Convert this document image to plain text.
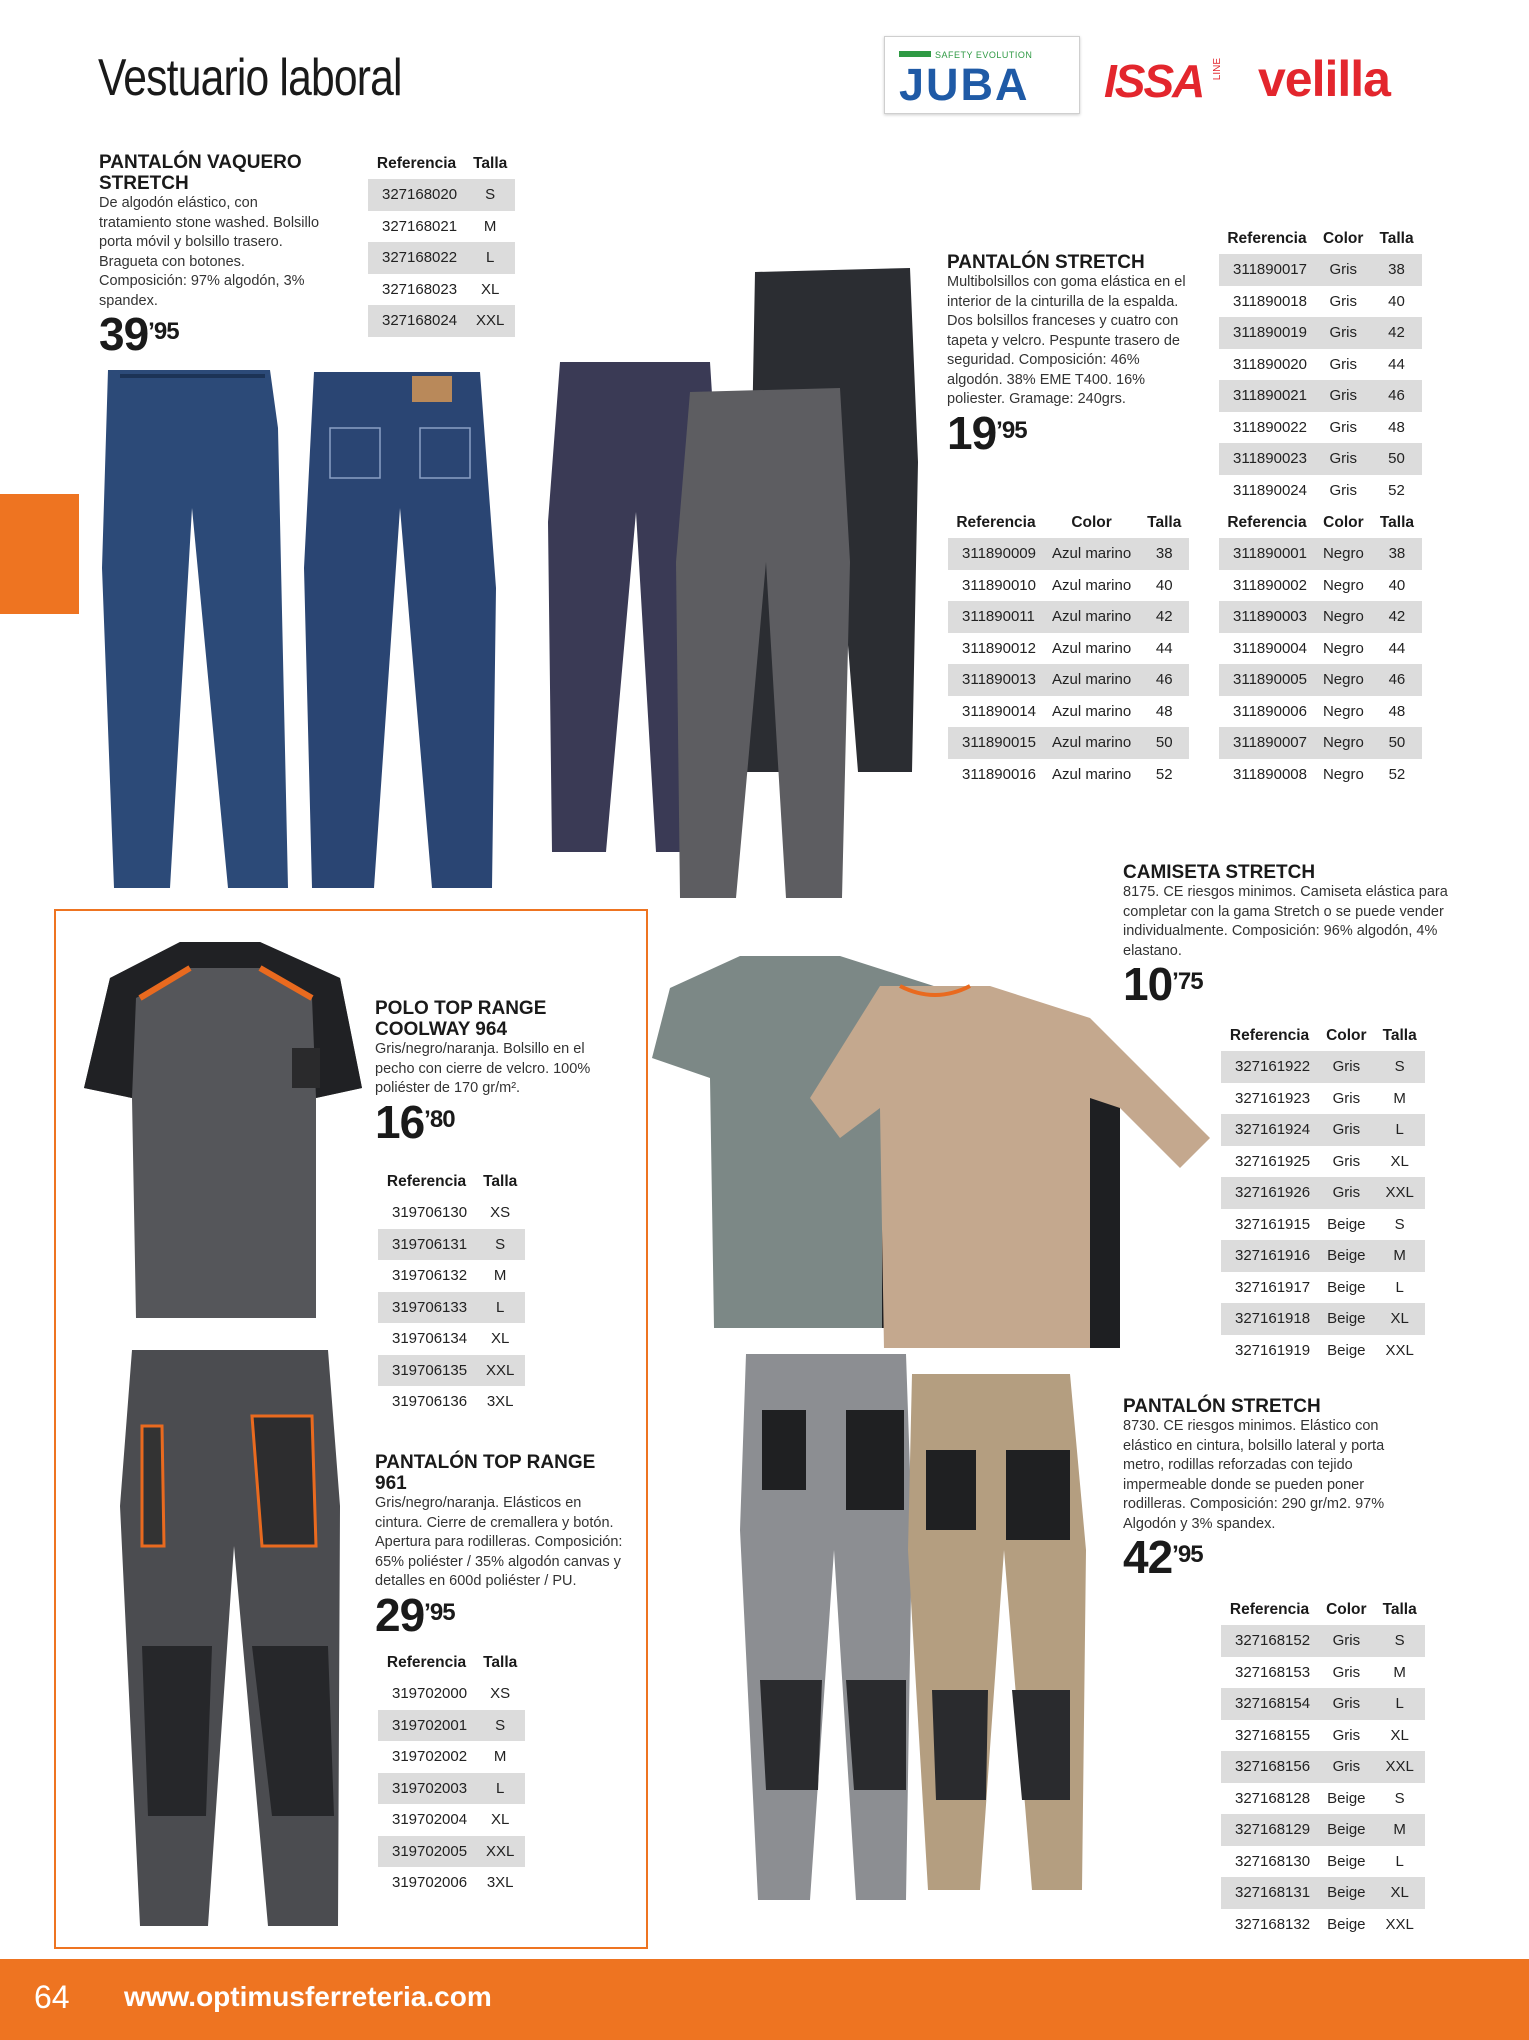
Vestuario laboral	SAFETY EVOLUTION
JUBA ISSA LINE velilla
PANTALÓN VAQUERO STRETCH
De algodón elástico, con tratamiento stone washed. Bolsillo porta móvil y bolsillo trasero. Bragueta con botones. Composición: 97% algodón, 3% spandex.
$39^{’95}$
Referencia	Talla
327168020	S
327168021	M
327168022	L
327168023	XL
327168024	XXL
PANTALÓN STRETCH
Multibolsillos con goma elástica en el interior de la cinturilla de la espalda. Dos bolsillos franceses y cuatro con tapeta y velcro. Pespunte trasero de seguridad. Composición: 46% algodón. 38% EME T400. 16% poliester. Gramage: 240grs.
$19^{’95}$
Referencia	Color	Talla
311890017	Gris	38
311890018	Gris	40
311890019	Gris	42
311890020	Gris	44
311890021	Gris	46
311890022	Gris	48
311890023	Gris	50
311890024	Gris	52
Referencia	Color	Talla
311890009	Azul marino	38
311890010	Azul marino	40
311890011	Azul marino	42
311890012	Azul marino	44
311890013	Azul marino	46
311890014	Azul marino	48
311890015	Azul marino	50
311890016	Azul marino	52
Referencia	Color	Talla
311890001	Negro	38
311890002	Negro	40
311890003	Negro	42
311890004	Negro	44
311890005	Negro	46
311890006	Negro	48
311890007	Negro	50
311890008	Negro	52
POLO TOP RANGE COOLWAY 964
Gris/negro/naranja. Bolsillo en el pecho con cierre de velcro. 100% poliéster de 170 gr/m².
$16^{’80}$
Referencia	Talla
319706130	XS
319706131	S
319706132	M
319706133	L
319706134	XL
319706135	XXL
319706136	3XL
PANTALÓN TOP RANGE 961
Gris/negro/naranja. Elásticos en cintura. Cierre de cremallera y botón. Apertura para rodilleras. Composición: 65% poliéster / 35% algodón canvas y detalles en 600d poliéster / PU.
$29^{’95}$
Referencia	Talla
319702000	XS
319702001	S
319702002	M
319702003	L
319702004	XL
319702005	XXL
319702006	3XL
CAMISETA STRETCH
8175. CE riesgos minimos. Camiseta elástica para completar con la gama Stretch o se puede vender individualmente. Composición: 96% algodón, 4% elastano.
$10^{’75}$
Referencia	Color	Talla
327161922	Gris	S
327161923	Gris	M
327161924	Gris	L
327161925	Gris	XL
327161926	Gris	XXL
327161915	Beige	S
327161916	Beige	M
327161917	Beige	L
327161918	Beige	XL
327161919	Beige	XXL
PANTALÓN STRETCH
8730. CE riesgos minimos. Elástico con elástico en cintura, bolsillo lateral y porta metro, rodillas reforzadas con tejido impermeable donde se pueden poner rodilleras. Composición: 290 gr/m2. 97% Algodón y 3% spandex.
$42^{’95}$
Referencia	Color	Talla
327168152	Gris	S
327168153	Gris	M
327168154	Gris	L
327168155	Gris	XL
327168156	Gris	XXL
327168128	Beige	S
327168129	Beige	M
327168130	Beige	L
327168131	Beige	XL
327168132	Beige	XXL
64 www.optimusferreteria.com
